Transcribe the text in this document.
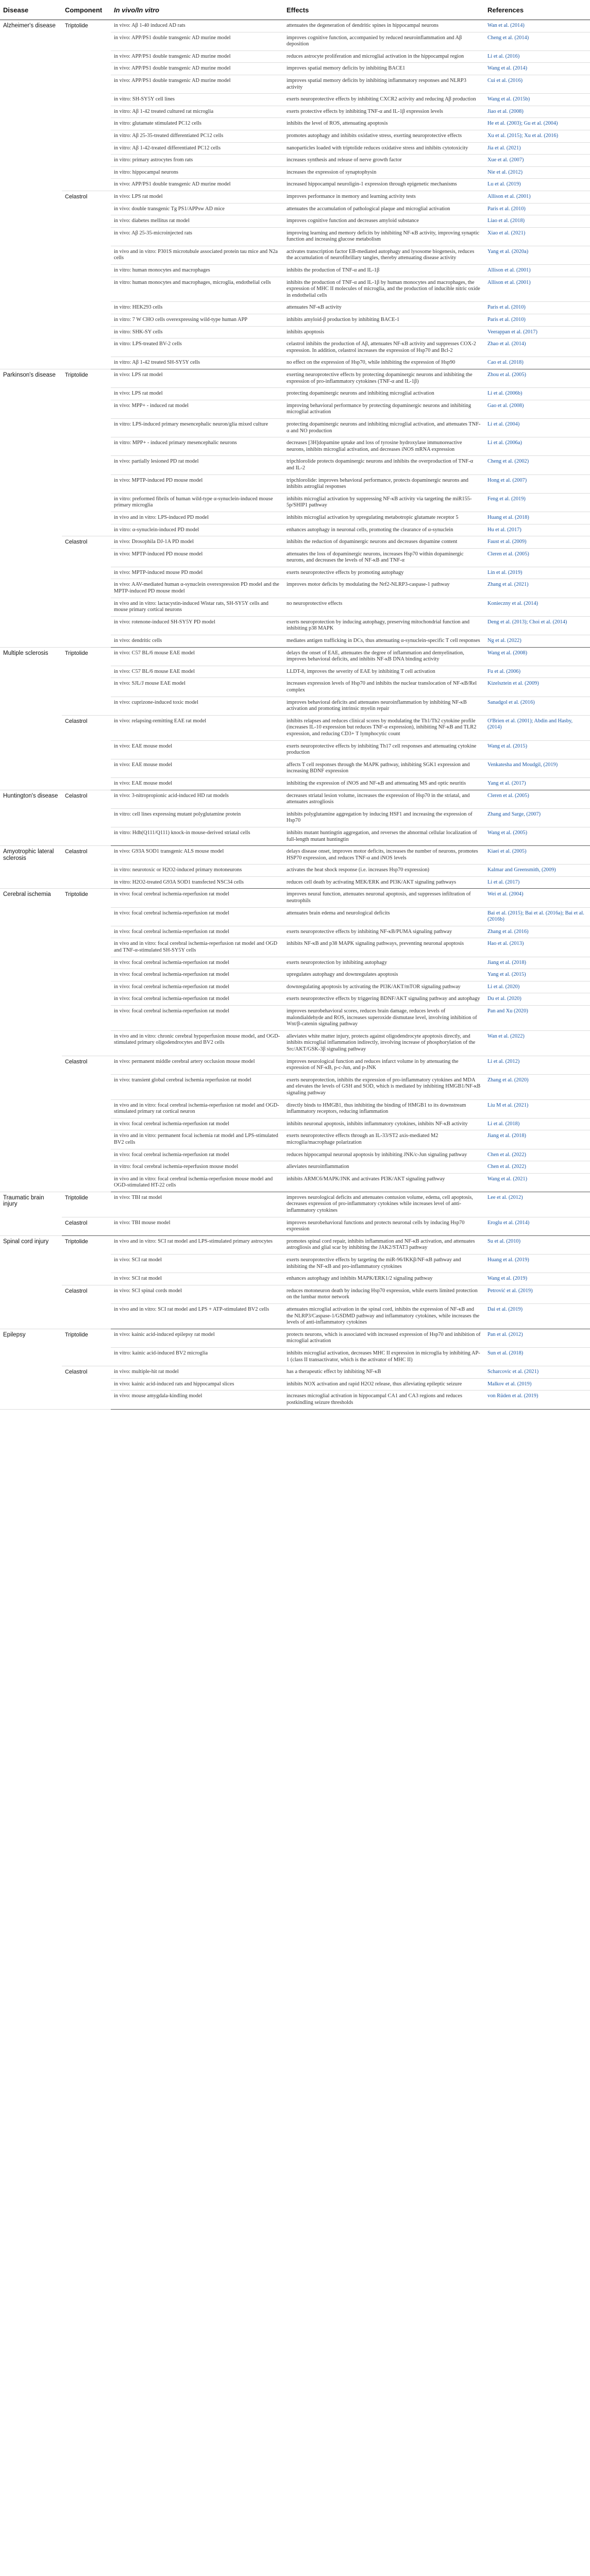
Disease	Component	In vivo/In vitro	Effects	References
Alzheimer's disease	Triptolide	in vivo: Aβ 1-40 induced AD rats	attenuates the degeneration of dendritic spines in hippocampal neurons	Wan et al. (2014)
		in vivo: APP/PS1 double transgenic AD murine model	improves cognitive function, accompanied by reduced neuroinflammation and Aβ deposition	Cheng et al. (2014)
		in vivo: APP/PS1 double transgenic AD murine model	reduces astrocyte proliferation and microglial activation in the hippocampal region	Li et al. (2016)
		in vivo: APP/PS1 double transgenic AD murine model	improves spatial memory deficits by inhibiting BACE1	Wang et al. (2014)
		in vivo: APP/PS1 double transgenic AD murine model	improves spatial memory deficits by inhibiting inflammatory responses and NLRP3 activity	Cui et al. (2016)
		in vitro: SH-SY5Y cell lines	exerts neuroprotective effects by inhibiting CXCR2 activity and reducing Aβ production	Wang et al. (2015b)
		in vitro: Aβ 1-42 treated cultured rat microglia	exerts protective effects by inhibiting TNF-α and IL-1β expression levels	Jiao et al. (2008)
		in vitro: glutamate stimulated PC12 cells	inhibits the level of ROS, attenuating apoptosis	He et al. (2003); Gu et al. (2004)
		in vitro: Aβ 25-35-treated differentiated PC12 cells	promotes autophagy and inhibits oxidative stress, exerting neuroprotective effects	Xu et al. (2015); Xu et al. (2016)
		in vitro: Aβ 1-42-treated differentiated PC12 cells	nanoparticles loaded with triptolide reduces oxidative stress and inhibits cytotoxicity	Jia et al. (2021)
		in vitro: primary astrocytes from rats	increases synthesis and release of nerve growth factor	Xue et al. (2007)
		in vitro: hippocampal neurons	increases the expression of synaptophysin	Nie et al. (2012)
		in vivo: APP/PS1 double transgenic AD murine model	increased hippocampal neuroligin-1 expression through epigenetic mechanisms	Lu et al. (2019)
	Celastrol	in vivo: LPS rat model	improves performance in memory and learning activity tests	Allison et al. (2001)
		in vivo: double transgenic Tg PS1/APPsw AD mice	attenuates the accumulation of pathological plaque and microglial activation	Paris et al. (2010)
		in vivo: diabetes mellitus rat model	improves cognitive function and decreases amyloid substance	Liao et al. (2018)
		in vivo: Aβ 25-35-microinjected rats	improving learning and memory deficits by inhibiting NF-κB activity, improving synaptic function and increasing glucose metabolism	Xiao et al. (2021)
		in vivo and in vitro: P301S microtubule associated protein tau mice and N2a cells	activates transcription factor EB-mediated autophagy and lysosome biogenesis, reduces the accumulation of neurofibrillary tangles, thereby attenuating disease activity	Yang et al. (2020a)
		in vitro: human monocytes and macrophages	inhibits the production of TNF-α and IL-1β	Allison et al. (2001)
		in vitro: human monocytes and macrophages, microglia, endothelial cells	inhibits the production of TNF-α and IL-1β by human monocytes and macrophages, the expression of MHC II molecules of microglia, and the production of inducible nitric oxide in endothelial cells	Allison et al. (2001)
		in vitro: HEK293 cells	attenuates NF-κB activity	Paris et al. (2010)
		in vitro: 7 W CHO cells overexpressing wild-type human APP	inhibits amyloid-β production by inhibiting BACE-1	Paris et al. (2010)
		in vitro: SHK-SY cells	inhibits apoptosis	Veerappan et al. (2017)
		in vitro: LPS-treated BV-2 cells	celastrol inhibits the production of Aβ, attenuates NF-κB activity and suppresses COX-2 expression. In addition, celastrol increases the expression of Hsp70 and Bcl-2	Zhao et al. (2014)
		in vitro: Aβ 1-42 treated SH-SY5Y cells	no effect on the expression of Hsp70, while inhibiting the expression of Hsp90	Cao et al. (2018)
Parkinson's disease	Triptolide	in vivo: LPS rat model	exerting neuroprotective effects by protecting dopaminergic neurons and inhibiting the expression of pro-inflammatory cytokines (TNF-α and IL-1β)	Zhou et al. (2005)
		in vivo: LPS rat model	protecting dopaminergic neurons and inhibiting microglial activation	Li et al. (2006b)
		in vivo: MPP+ - induced rat model	improving behavioral performance by protecting dopaminergic neurons and inhibiting microglial activation	Gao et al. (2008)
		in vitro: LPS-induced primary mesencephalic neuron/glia mixed culture	protecting dopaminergic neurons and inhibiting microglial activation, and attenuates TNF-α and NO production	Li et al. (2004)
		in vitro: MPP+ - induced primary mesencephalic neurons	decreases [3H]dopamine uptake and loss of tyrosine hydroxylase immunoreactive neurons, inhibits microglial activation, and decreases iNOS mRNA expression	Li et al. (2006a)
		in vivo: partially lesioned PD rat model	tripchlorolide protects dopaminergic neurons and inhibits the overproduction of TNF-α and IL-2	Cheng et al. (2002)
		in vivo: MPTP-induced PD mouse model	tripchlorolide: improves behavioral performance, protects dopaminergic neurons and inhibits astroglial responses	Hong et al. (2007)
		in vitro: preformed fibrils of human wild-type α-synuclein-induced mouse primary microglia	inhibits microglial activation by suppressing NF-κB activity via targeting the miR155-5p/SHIP1 pathway	Feng et al. (2019)
		in vivo and in vitro: LPS-induced PD model	inhibits microglial activation by upregulating metabotropic glutamate receptor 5	Huang et al. (2018)
		in vitro: α-synuclein-induced PD model	enhances autophagy in neuronal cells, promoting the clearance of α-synuclein	Hu et al. (2017)
	Celastrol	in vivo: Drosophila DJ-1A PD model	inhibits the reduction of dopaminergic neurons and decreases dopamine content	Faust et al. (2009)
		in vivo: MPTP-induced PD mouse model	attenuates the loss of dopaminergic neurons, increases Hsp70 within dopaminergic neurons, and decreases the levels of NF-κB and TNF-α	Cleren et al. (2005)
		in vivo: MPTP-induced mouse PD model	exerts neuroprotective effects by promoting autophagy	Lin et al. (2019)
		in vivo: AAV-mediated human α-synuclein overexpression PD model and the MPTP-induced PD mouse model	improves motor deficits by modulating the Nrf2-NLRP3-caspase-1 pathway	Zhang et al. (2021)
		in vivo and in vitro: lactacystin-induced Wistar rats, SH-SY5Y cells and mouse primary cortical neurons	no neuroprotective effects	Konieczny et al. (2014)
		in vivo: rotenone-induced SH-SY5Y PD model	exerts neuroprotection by inducing autophagy, preserving mitochondrial function and inhibiting p38 MAPK	Deng et al. (2013); Choi et al. (2014)
		in vivo: dendritic cells	mediates antigen trafficking in DCs, thus attenuating α-synuclein-specific T cell responses	Ng et al. (2022)
Multiple sclerosis	Triptolide	in vivo: C57 BL/6 mouse EAE model	delays the onset of EAE, attenuates the degree of inflammation and demyelination, improves behavioral deficits, and inhibits NF-κB DNA binding activity	Wang et al. (2008)
		in vivo: C57 BL/6 mouse EAE model	LLDT-8, improves the severity of EAE by inhibiting T cell activation	Fu et al. (2006)
		in vivo: SJL/J mouse EAE model	increases expression levels of Hsp70 and inhibits the nuclear translocation of NF-κB/Rel complex	Kizelsztein et al. (2009)
		in vivo: cuprizone-induced toxic model	improves behavioral deficits and attenuates neuroinflammation by inhibiting NF-κB activation and promoting intrinsic myelin repair	Sanadgol et al. (2016)
	Celastrol	in vivo: relapsing-remitting EAE rat model	inhibits relapses and reduces clinical scores by modulating the Th1/Th2 cytokine profile (increases IL-10 expression but reduces TNF-α expression), inhibiting NF-κB and TLR2 expression, and reducing CD3+ T lymphocytic count	O'Brien et al. (2001); Abdin and Hasby, (2014)
		in vivo: EAE mouse model	exerts neuroprotective effects by inhibiting Th17 cell responses and attenuating cytokine production	Wang et al. (2015)
		in vivo: EAE mouse model	affects T cell responses through the MAPK pathway, inhibiting SGK1 expression and increasing BDNF expression	Venkatesha and Moudgil, (2019)
		in vivo: EAE mouse model	inhibiting the expression of iNOS and NF-κB and attenuating MS and optic neuritis	Yang et al. (2017)
Huntington's disease	Celastrol	in vivo: 3-nitropropionic acid-induced HD rat models	decreases striatal lesion volume, increases the expression of Hsp70 in the striatal, and attenuates astrogliosis	Cleren et al. (2005)
		in vitro: cell lines expressing mutant polyglutamine protein	inhibits polyglutamine aggregation by inducing HSF1 and increasing the expression of Hsp70	Zhang and Sarge, (2007)
		in vitro: Hdh(Q111/Q111) knock-in mouse-derived striatal cells	inhibits mutant huntingtin aggregation, and reverses the abnormal cellular localization of full-length mutant huntingtin	Wang et al. (2005)
Amyotrophic lateral sclerosis	Celastrol	in vivo: G93A SOD1 transgenic ALS mouse model	delays disease onset, improves motor deficits, increases the number of neurons, promotes HSP70 expression, and reduces TNF-α and iNOS levels	Kiaei et al. (2005)
		in vitro: neurotoxic or H2O2-induced primary motoneurons	activates the heat shock response (i.e. increases Hsp70 expression)	Kalmar and Greensmith, (2009)
		in vitro: H2O2-treated G93A SOD1 transfected NSC34 cells	reduces cell death by activating MEK/ERK and PI3K/AKT signaling pathways	Li et al. (2017)
Cerebral ischemia	Triptolide	in vivo: focal cerebral ischemia-reperfusion rat model	improves neural function, attenuates neuronal apoptosis, and suppresses infiltration of neutrophils	Wei et al. (2004)
		in vivo: focal cerebral ischemia-reperfusion rat model	attenuates brain edema and neurological deficits	Bai et al. (2015); Bai et al. (2016a); Bai et al. (2016b)
		in vivo: focal cerebral ischemia-reperfusion rat model	exerts neuroprotective effects by inhibiting NF-κB/PUMA signaling pathway	Zhang et al. (2016)
		in vivo and in vitro: focal cerebral ischemia-reperfusion rat model and OGD and TNF-α-stimulated SH-SY5Y cells	inhibits NF-κB and p38 MAPK signaling pathways, preventing neuronal apoptosis	Hao et al. (2013)
		in vivo: focal cerebral ischemia-reperfusion rat model	exerts neuroprotection by inhibiting autophagy	Jiang et al. (2018)
		in vivo: focal cerebral ischemia-reperfusion rat model	upregulates autophagy and downregulates apoptosis	Yang et al. (2015)
		in vivo: focal cerebral ischemia-reperfusion rat model	downregulating apoptosis by activating the PI3K/AKT/mTOR signaling pathway	Li et al. (2020)
		in vivo: focal cerebral ischemia-reperfusion rat model	exerts neuroprotective effects by triggering BDNF/AKT signaling pathway and autophagy	Du et al. (2020)
		in vivo: focal cerebral ischemia-reperfusion rat model	improves neurobehavioral scores, reduces brain damage, reduces levels of malondialdehyde and ROS, increases superoxide dismutase level, involving inhibition of Wnt/β-catenin signaling pathway	Pan and Xu (2020)
		in vivo and in vitro: chronic cerebral hypoperfusion mouse model, and OGD-stimulated primary oligodendrocytes and BV2 cells	alleviates white matter injury, protects against oligodendrocyte apoptosis directly, and inhibits microglial inflammation indirectly, involving increase of phosphorylation of the Src/AKT/GSK-3β signaling pathway	Wan et al. (2022)
	Celastrol	in vivo: permanent middle cerebral artery occlusion mouse model	improves neurological function and reduces infarct volume in by attenuating the expression of NF-κB, p-c-Jun, and p-JNK	Li et al. (2012)
		in vivo: transient global cerebral ischemia reperfusion rat model	exerts neuroprotection, inhibits the expression of pro-inflammatory cytokines and MDA and elevates the levels of GSH and SOD, which is mediated by inhibiting HMGB1/NF-κB signaling pathway	Zhang et al. (2020)
		in vivo and in vitro: focal cerebral ischemia-reperfusion rat model and OGD-stimulated primary rat cortical neuron	directly binds to HMGB1, thus inhibiting the binding of HMGB1 to its downstream inflammatory receptors, reducing inflammation	Liu M et al. (2021)
		in vivo: focal cerebral ischemia-reperfusion rat model	inhibits neuronal apoptosis, inhibits inflammatory cytokines, inhibits NF-κB activity	Li et al. (2018)
		in vivo and in vitro: permanent focal ischemia rat model and LPS-stimulated BV2 cells	exerts neuroprotective effects through an IL-33/ST2 axis-mediated M2 microglia/macrophage polarization	Jiang et al. (2018)
		in vivo: focal cerebral ischemia-reperfusion rat model	reduces hippocampal neuronal apoptosis by inhibiting JNK/c-Jun signaling pathway	Chen et al. (2022)
		in vitro: focal cerebral ischemia-reperfusion mouse model	alleviates neuroinflammation	Chen et al. (2022)
		in vivo and in vitro: focal cerebral ischemia-reperfusion mouse model and OGD-stimulated HT-22 cells	inhibits ARMC6/MAPK/JNK and activates PI3K/AKT signaling pathway	Wang et al. (2021)
Traumatic brain injury	Triptolide	in vivo: TBI rat model	improves neurological deficits and attenuates contusion volume, edema, cell apoptosis, decreases expression of pro-inflammatory cytokines while increases level of anti-inflammatory cytokines	Lee et al. (2012)
	Celastrol	in vivo: TBI mouse model	improves neurobehavioral functions and protects neuronal cells by inducing Hsp70 expression	Eroglu et al. (2014)
Spinal cord injury	Triptolide	in vivo and in vitro: SCI rat model and LPS-stimulated primary astrocytes	promotes spinal cord repair, inhibits inflammation and NF-κB activation, and attenuates astrogliosis and glial scar by inhibiting the JAK2/STAT3 pathway	Su et al. (2010)
		in vivo: SCI rat model	exerts neuroprotective effects by targeting the miR-96/IKKβ/NF-κB pathway and inhibiting the NF-κB and pro-inflammatory cytokines	Huang et al. (2019)
		in vivo: SCI rat model	enhances autophagy and inhibits MAPK/ERK1/2 signaling pathway	Wang et al. (2019)
	Celastrol	in vivo: SCI spinal cords model	reduces motoneuron death by inducing Hsp70 expression, while exerts limited protection on the lumbar motor network	Petrović et al. (2019)
		in vivo and in vitro: SCI rat model and LPS + ATP-stimulated BV2 cells	attenuates microglial activation in the spinal cord, inhibits the expression of NF-κB and the NLRP3/Caspase-1/GSDMD pathway and inflammatory cytokines, while increases the levels of anti-inflammatory cytokines	Dai et al. (2019)
Epilepsy	Triptolide	in vivo: kainic acid-induced epilepsy rat model	protects neurons, which is associated with increased expression of Hsp70 and inhibition of microglial activation	Pan et al. (2012)
		in vitro: kainic acid-induced BV2 microglia	inhibits microglial activation, decreases MHC II expression in microglia by inhibiting AP-1 (class II transactivator, which is the activator of MHC II)	Sun et al. (2018)
	Celastrol	in vivo: multiple-hit rat model	has a therapeutic effect by inhibiting NF-κB	Scharcovic et al. (2021)
		in vivo: kainic acid-induced rats and hippocampal slices	inhibits NOX activation and rapid H2O2 release, thus alleviating epileptic seizure	Malkov et al. (2019)
		in vivo: mouse amygdala-kindling model	increases microglial activation in hippocampal CA1 and CA3 regions and reduces postkindling seizure thresholds	von Rüden et al. (2019)
